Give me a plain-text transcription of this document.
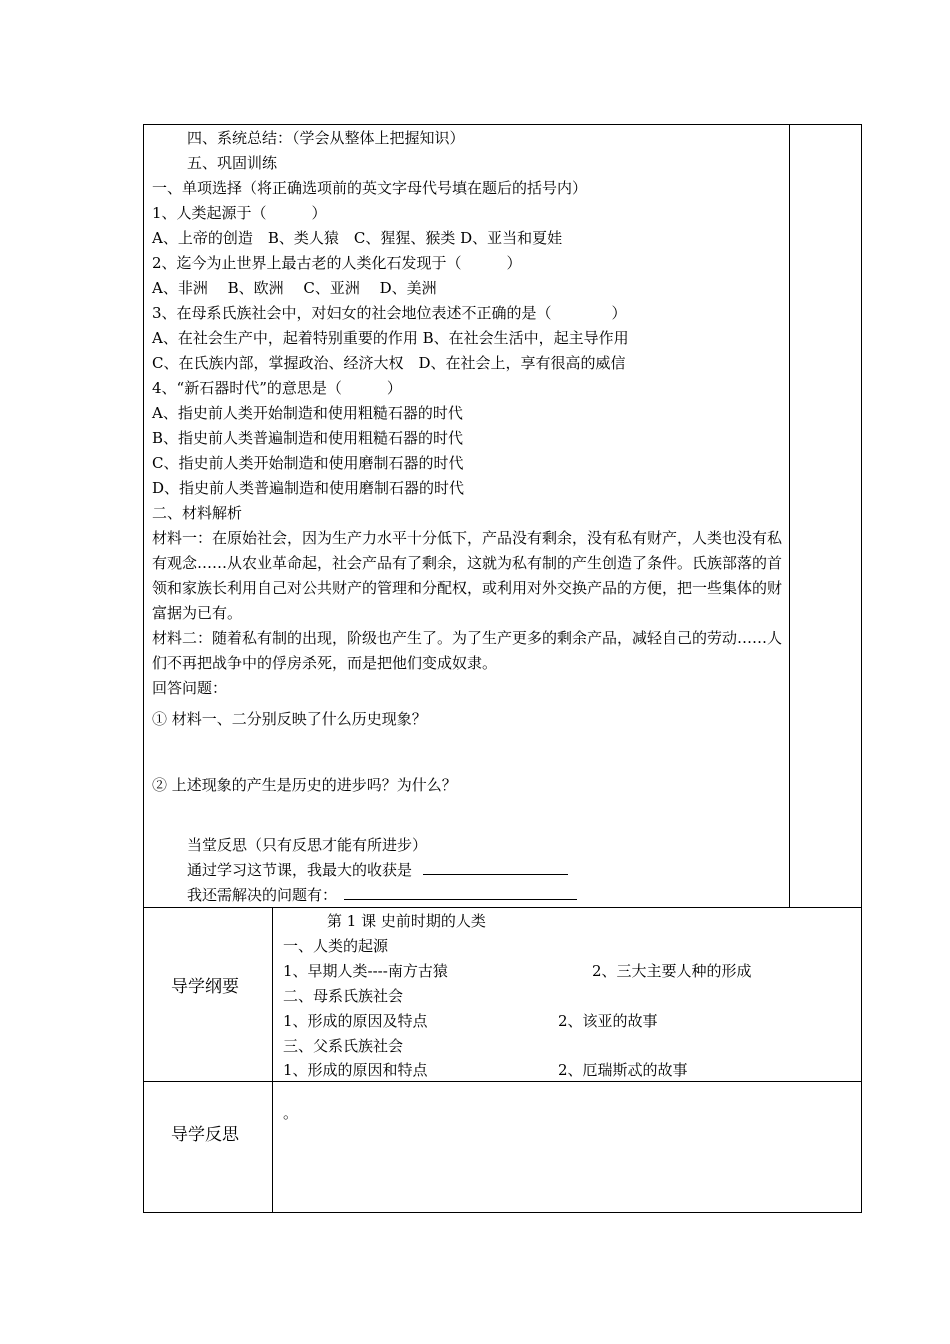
四、系统总结：（学会从整体上把握知识）
五、巩固训练
一、单项选择（将正确选项前的英文字母代号填在题后的括号内）
1、人类起源于（　　　）
A、上帝的创造　B、类人猿　C、猩猩、猴类 D、亚当和夏娃
2、迄今为止世界上最古老的人类化石发现于（　　　）
A、非洲　 B、欧洲　 C、亚洲　 D、美洲
3、在母系氏族社会中，对妇女的社会地位表述不正确的是（　　　　）
A、在社会生产中，起着特别重要的作用 B、在社会生活中，起主导作用
C、在氏族内部，掌握政治、经济大权　D、在社会上，享有很高的威信
4、“新石器时代”的意思是（　　　）
A、指史前人类开始制造和使用粗糙石器的时代
B、指史前人类普遍制造和使用粗糙石器的时代
C、指史前人类开始制造和使用磨制石器的时代
D、指史前人类普遍制造和使用磨制石器的时代
二、材料解析
材料一：在原始社会，因为生产力水平十分低下，产品没有剩余，没有私有财产，人类也没有私有观念……从农业革命起，社会产品有了剩余，这就为私有制的产生创造了条件。氏族部落的首领和家族长利用自己对公共财产的管理和分配权，或利用对外交换产品的方便，把一些集体的财富据为已有。
材料二：随着私有制的出现，阶级也产生了。为了生产更多的剩余产品，减轻自己的劳动……人们不再把战争中的俘房杀死，而是把他们变成奴隶。
回答问题：
① 材料一、二分别反映了什么历史现象？
② 上述现象的产生是历史的进步吗？为什么？
当堂反思（只有反思才能有所进步）
通过学习这节课，我最大的收获是
我还需解决的问题有：
导学纲要
第 1 课 史前时期的人类
一、人类的起源
1、早期人类----南方古猿	2、三大主要人种的形成
二、母系氏族社会
1、形成的原因及特点	2、该亚的故事
三、父系氏族社会
1、形成的原因和特点	2、厄瑞斯忒的故事
导学反思
。
